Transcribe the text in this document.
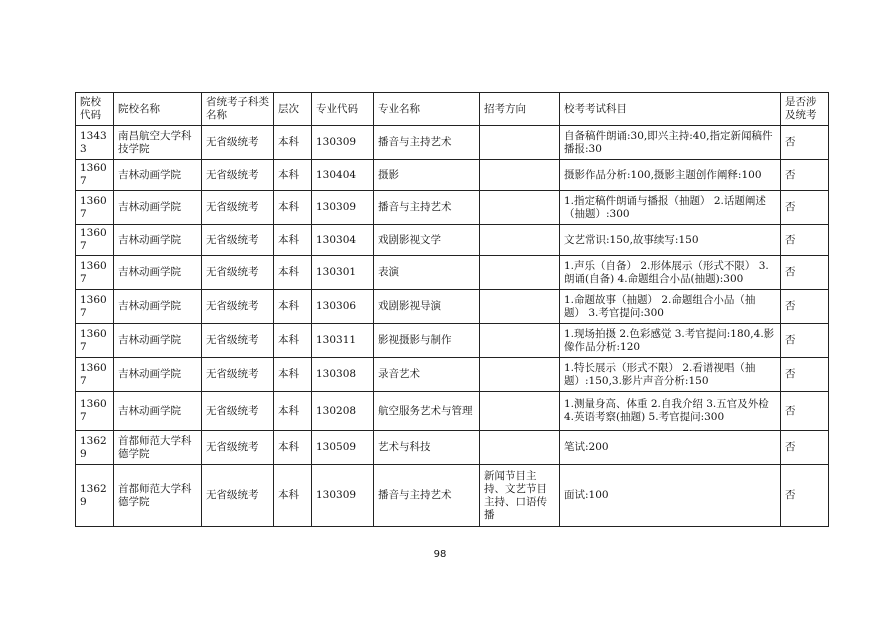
院校代码	院校名称	省统考子科类名称	层次	专业代码	专业名称	招考方向	校考考试科目	是否涉及统考
13433	南昌航空大学科技学院	无省级统考	本科	130309	播音与主持艺术		自备稿件朗诵:30,即兴主持:40,指定新闻稿件播报:30	否
13607	吉林动画学院	无省级统考	本科	130404	摄影		摄影作品分析:100,摄影主题创作阐释:100	否
13607	吉林动画学院	无省级统考	本科	130309	播音与主持艺术		1.指定稿件朗诵与播报（抽题） 2.话题阐述（抽题）:300	否
13607	吉林动画学院	无省级统考	本科	130304	戏剧影视文学		文艺常识:150,故事续写:150	否
13607	吉林动画学院	无省级统考	本科	130301	表演		1.声乐（自备） 2.形体展示（形式不限） 3.朗诵(自备) 4.命题组合小品(抽题):300	否
13607	吉林动画学院	无省级统考	本科	130306	戏剧影视导演		1.命题故事（抽题） 2.命题组合小品（抽题） 3.考官提问:300	否
13607	吉林动画学院	无省级统考	本科	130311	影视摄影与制作		1.现场拍摄 2.色彩感觉 3.考官提问:180,4.影像作品分析:120	否
13607	吉林动画学院	无省级统考	本科	130308	录音艺术		1.特长展示（形式不限） 2.看谱视唱（抽题）:150,3.影片声音分析:150	否
13607	吉林动画学院	无省级统考	本科	130208	航空服务艺术与管理		1.测量身高、体重 2.自我介绍 3.五官及外检 4.英语考察(抽题) 5.考官提问:300	否
13629	首都师范大学科德学院	无省级统考	本科	130509	艺术与科技		笔试:200	否
13629	首都师范大学科德学院	无省级统考	本科	130309	播音与主持艺术	新闻节目主持、文艺节目主持、口语传播	面试:100	否
98
